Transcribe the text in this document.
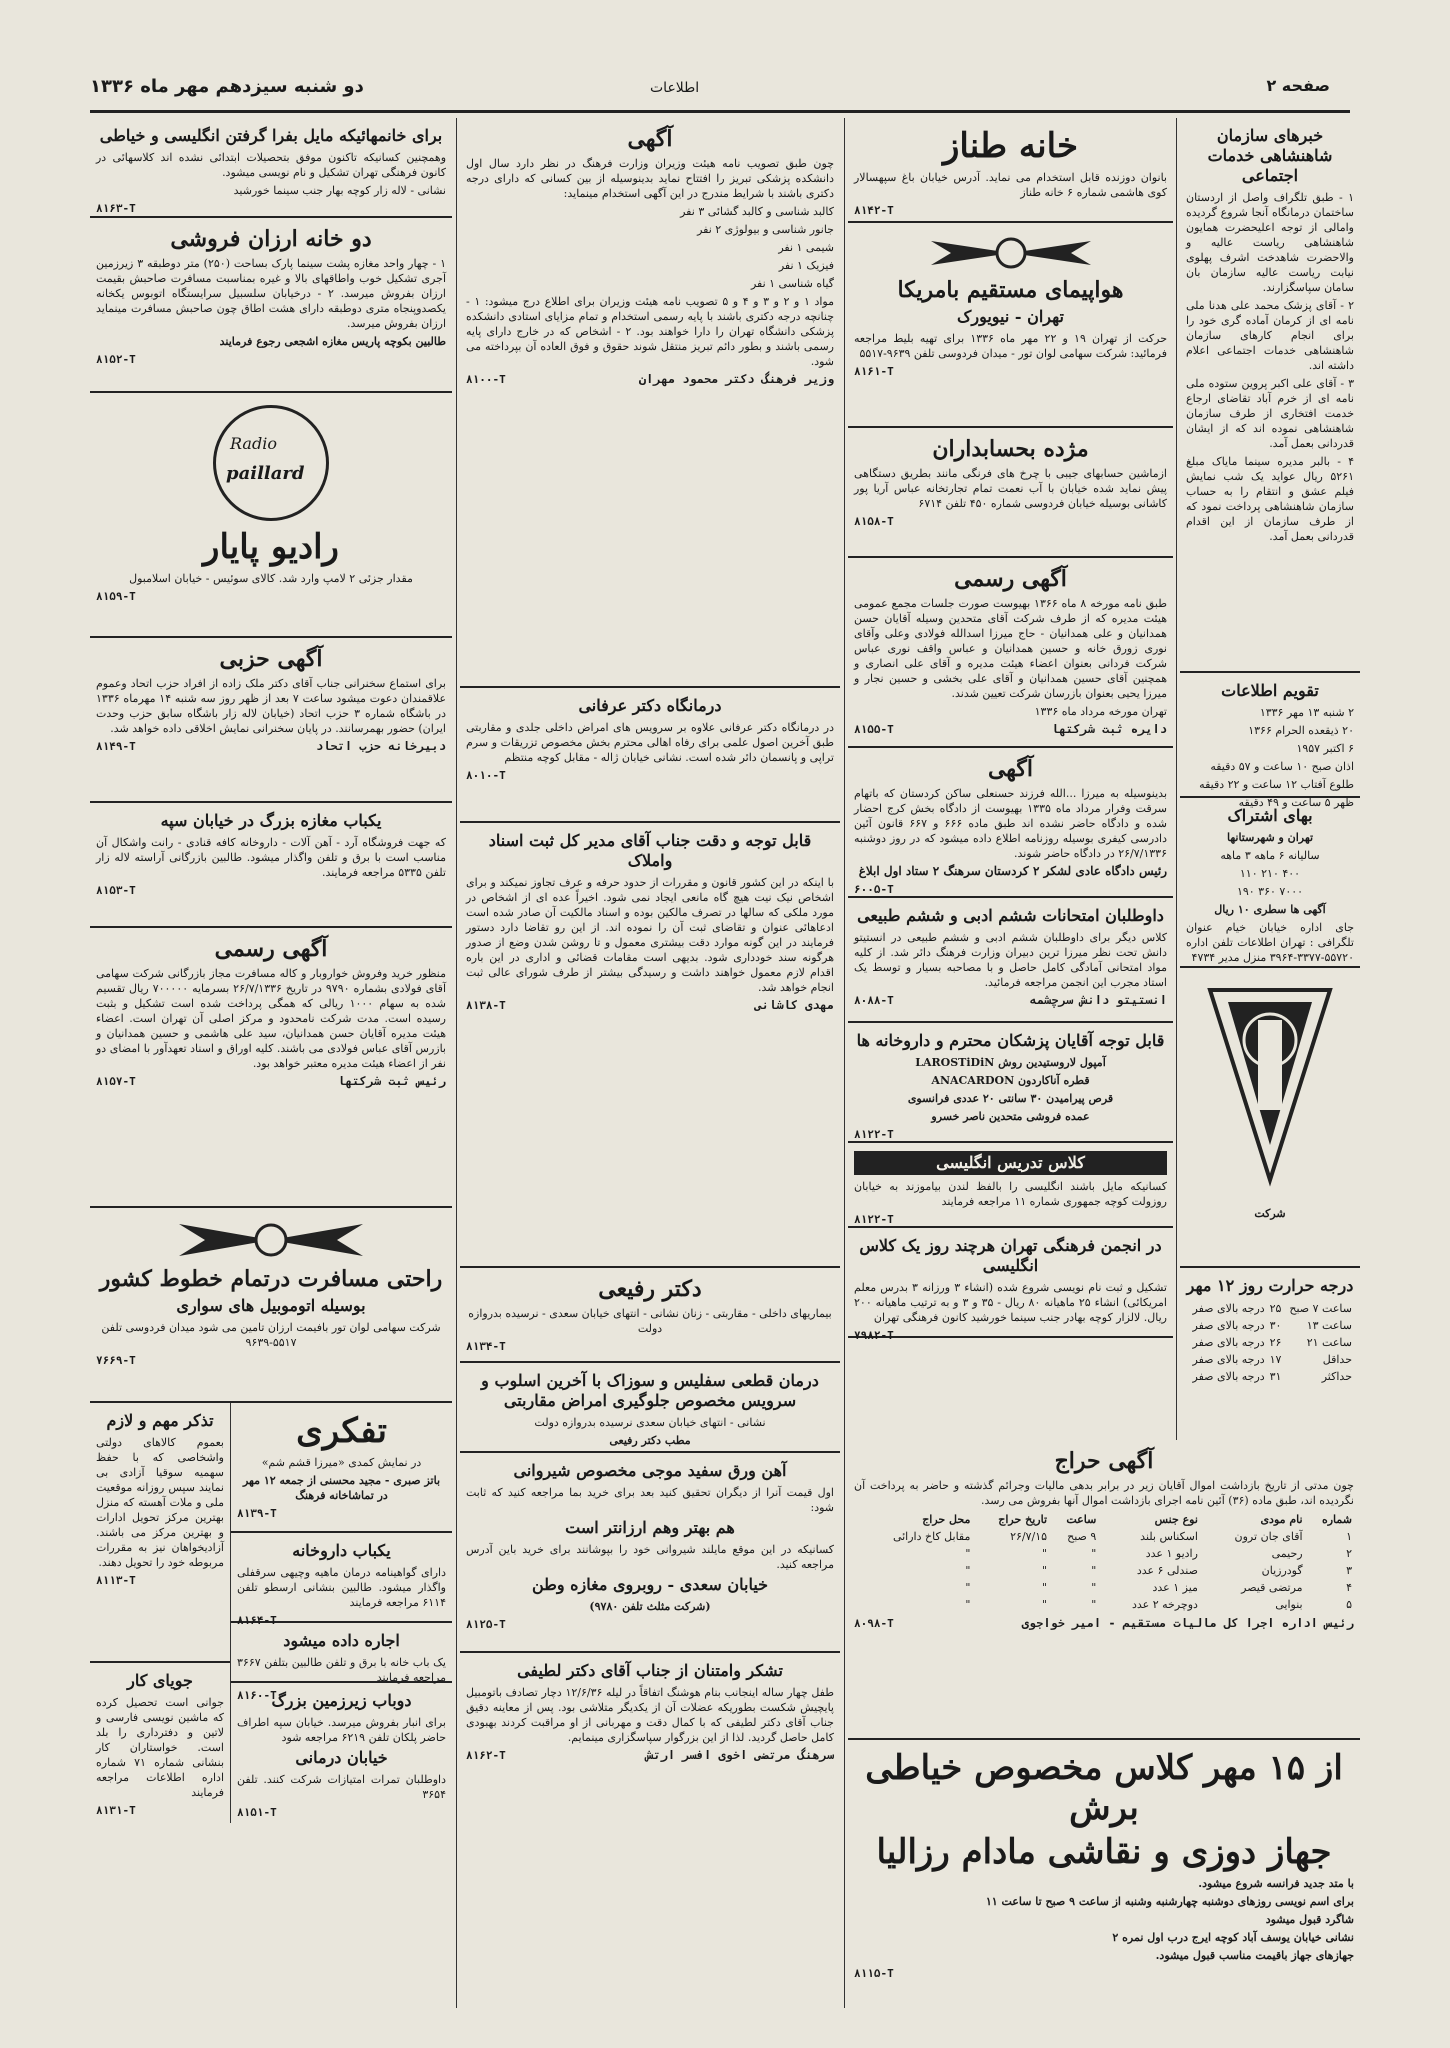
دو شنبه سیزدهم مهر ماه ۱۳۳۶	اطلاعات	صفحه ۲
خبرهای سازمان شاهنشاهی خدمات اجتماعی

۱ - طبق تلگراف واصل از اردستان ساختمان درمانگاه آنجا شروع گردیده وامالی از توجه اعلیحضرت همایون شاهنشاهی ریاست عالیه و والاحضرت شاهدخت اشرف پهلوی نیابت ریاست عالیه سازمان بان سامان سپاسگزارند.

۲ - آقای پزشک محمد علی هدنا ملی نامه ای از کرمان آماده گری خود را برای انجام کارهای سازمان شاهنشاهی خدمات اجتماعی اعلام داشته اند.

۳ - آقای علی اکبر پروین ستوده ملی نامه ای از خرم آباد تقاضای ارجاع خدمت افتخاری از طرف سازمان شاهنشاهی نموده اند که از ایشان قدردانی بعمل آمد.

۴ - بالبر مدیره سینما مایاک مبلغ ۵۲۶۱ ریال عواید یک شب نمایش فیلم عشق و انتقام را به حساب سازمان شاهنشاهی پرداخت نمود که از طرف سازمان از این اقدام قدردانی بعمل آمد.

تقویم اطلاعات

۲ شنبه ۱۳ مهر ۱۳۳۶

۲۰ ذیقعده الحرام ۱۳۶۶

۶ اکتبر ۱۹۵۷

اذان صبح ۱۰ ساعت و ۵۷ دقیقه

طلوع آفتاب ۱۲ ساعت و ۲۲ دقیقه

ظهر ۵ ساعت و ۴۹ دقیقه

بهای اشتراک

تهران و شهرستانها

سالیانه ۶ ماهه ۳ ماهه

۴۰۰ ۲۱۰ ۱۱۰

۷۰۰۰ ۳۶۰ ۱۹۰

آگهی ها سطری ۱۰ ریال

جای اداره خیابان خیام عنوان تلگرافی : تهران اطلاعات تلفن اداره ۵۵۷۲۰-۳۳۷۷-۳۹۶۴ منزل مدیر ۴۷۳۴

شرکت

درجه حرارت روز ۱۲ مهر
ساعت ۷ صبح	۲۵	درجه بالای صفر
ساعت ۱۳	۳۰	درجه بالای صفر
ساعت ۲۱	۲۶	درجه بالای صفر
حداقل	۱۷	درجه بالای صفر
حداکثر	۳۱	درجه بالای صفر
خانه طناز

بانوان دوزنده قابل استخدام می نماید. آدرس خیابان باغ سپهسالار کوی هاشمی شماره ۶ خانه طناز

۸۱۴۲-T
هواپیمای مستقیم بامریکا
تهران - نیویورک

حرکت از تهران ۱۹ و ۲۲ مهر ماه ۱۳۳۶ برای تهیه بلیط مراجعه فرمائید: شرکت سهامی لوان تور - میدان فردوسی تلفن ۹۶۳۹-۵۵۱۷

۸۱۶۱-T
مژده بحسابداران

ازماشین حسابهای جیبی با چرخ های فرنگی مانند بطريق دستگاهی پیش نماید شده خیابان با آب نعمت تمام تجارتخانه عباس آریا پور کاشانی بوسیله خیابان فردوسی شماره ۴۵۰ تلفن ۶۷۱۴

۸۱۵۸-T
آگهی رسمی

طبق نامه مورخه ۸ ماه ۱۳۶۶ بهیوست صورت جلسات مجمع عمومی هیئت مدیره که از طرف شرکت آقای متحدین وسیله آقایان حسن همدانیان و علی همدانیان - حاج میرزا اسدالله فولادی وعلی وآقای نوری زورق خانه و حسین همدانیان و عباس واقف نوری عباس شرکت فردانی بعنوان اعضاء هیئت مدیره و آقای علی انصاری و همچنین آقای حسین همدانیان و آقای علی بخشی و حسین نجار و میرزا یحیی بعنوان بازرسان شرکت تعیین شدند.

تهران مورخه مرداد ماه ۱۳۳۶

۸۱۵۵-T	دایره ثبت شرکتها
آگهی

بدینوسیله به میرزا ...الله فرزند حسنعلی ساکن کردستان که باتهام سرقت وفرار مرداد ماه ۱۳۳۵ بهیوست از دادگاه بخش کرج احضار شده و دادگاه حاضر نشده اند طبق ماده ۶۶۶ و ۶۶۷ قانون آئین دادرسی کیفری بوسیله روزنامه اطلاع داده میشود که در روز دوشنبه ۲۶/۷/۱۳۳۶ در دادگاه حاضر شوند.

رئیس دادگاه عادی لشکر ۲ کردستان سرهنگ ۲ ستاد اول ابلاغ

۶۰۰۵-T
داوطلبان امتحانات ششم ادبی و ششم طبیعی

کلاس دیگر برای داوطلبان ششم ادبی و ششم طبیعی در انستیتو دانش تحت نظر میرزا ترین دبیران وزارت فرهنگ دائر شد. از کلیه مواد امتحانی آمادگی کامل حاصل و با مصاحبه بسیار و توسط یک استاد مجرب این انجمن مراجعه فرمائید.

۸۰۸۸-T	انستیتو دانش سرچشمه
قابل توجه آقایان پزشکان محترم و داروخانه ها

آمپول لاروستیدین روش LAROSTiDiN

قطره آناکاردون ANACARDON

قرص پیرامیدن ۳۰ سانتی ۲۰ عددی فرانسوی

عمده فروشی متحدین ناصر خسرو

۸۱۲۲-T
کلاس تدریس انگلیسی

کسانیکه مایل باشند انگلیسی را بالفظ لندن بیاموزند به خیابان روزولت کوچه جمهوری شماره ۱۱ مراجعه فرمایند

۸۱۲۲-T
در انجمن فرهنگی تهران هرچند روز یک کلاس انگلیسی

تشکیل و ثبت نام نویسی شروع شده (انشاء ۳ ورزانه ۳ بدرس معلم امریکائی) انشاء ۲۵ ماهیانه ۸۰ ریال - ۳۵ و ۳ و به ترتیب ماهیانه ۲۰۰ ریال. لالزار کوچه بهادر جنب سینما خورشید کانون فرهنگی تهران

۷۹۸۲-T
آگهی

چون طبق تصویب نامه هیئت وزیران وزارت فرهنگ در نظر دارد سال اول دانشکده پزشکی تبریز را افتتاح نماید بدینوسیله از بین کسانی که دارای درجه دکتری باشند با شرایط مندرج در این آگهی استخدام مینماید:

کالبد شناسی و کالبد گشائی ۳ نفر

جانور شناسی و بیولوژی ۲ نفر

شیمی ۱ نفر

فیزیک ۱ نفر

گیاه شناسی ۱ نفر

مواد ۱ و ۲ و ۳ و ۴ و ۵ تصویب نامه هیئت وزیران برای اطلاع درج میشود: ۱ - چنانچه درجه دکتری باشند با پایه رسمی استخدام و تمام مزایای استادی دانشکده پزشکی دانشگاه تهران را دارا خواهند بود. ۲ - اشخاص که در خارج دارای پایه رسمی باشند و بطور دائم تبریز منتقل شوند حقوق و فوق العاده آن بپرداخته می شود.

۸۱۰۰-T	وزیر فرهنگ دکتر محمود مهران
درمانگاه دکتر عرفانی

در درمانگاه دکتر عرفانی علاوه بر سرویس های امراض داخلی جلدی و مقاربتی طبق آخرین اصول علمی برای رفاه اهالی محترم بخش مخصوص تزریقات و سرم تراپی و پانسمان دائر شده است. نشانی خیابان ژاله - مقابل کوچه منتظم

۸۰۱۰-T
قابل توجه و دقت جناب آقای مدیر کل ثبت اسناد واملاک

با اینکه در این کشور قانون و مقررات از حدود حرفه و عرف تجاوز نمیکند و برای اشخاص نیک نیت هیچ گاه مانعی ایجاد نمی شود. اخیراً عده ای از اشخاص در مورد ملکی که سالها در تصرف مالکین بوده و اسناد مالکیت آن صادر شده است ادعاهائی عنوان و تقاضای ثبت آن را نموده اند. از این رو تقاضا دارد دستور فرمایند در این گونه موارد دقت بیشتری معمول و تا روشن شدن وضع از صدور هرگونه سند خودداری شود. بدیهی است مقامات قضائی و اداری در این باره اقدام لازم معمول خواهند داشت و رسیدگی بیشتر از طرف شورای عالی ثبت انجام خواهد شد.

۸۱۳۸-T	مهدی کاشانی
دکتر رفیعی

بیماریهای داخلی - مقاربتی - زنان نشانی - انتهای خیابان سعدی - نرسیده بدروازه دولت

۸۱۳۴-T
درمان قطعی سفلیس و سوزاک با آخرین اسلوب و سرویس مخصوص جلوگیری امراض مقاربتی

نشانی - انتهای خیابان سعدی نرسیده بدروازه دولت

مطب دکتر رفیعی

آهن ورق سفید موجی مخصوص شیروانی

اول قیمت آنرا از دیگران تحقیق کنید بعد برای خرید بما مراجعه کنید که ثابت شود:

هم بهتر وهم ارزانتر است

کسانیکه در این موقع مایلند شیروانی خود را بپوشانند برای خرید باین آدرس مراجعه کنید.

خیابان سعدی - روبروی مغازه وطن

(شرکت مثلث تلفن ۹۷۸۰)

۸۱۲۵-T
تشکر وامتنان از جناب آقای دکتر لطیفی

طفل چهار ساله اینجانب بنام هوشنگ اتفاقاً در لیله ۱۲/۶/۳۶ دچار تصادف باتومبیل پایچیش شکست بطوریکه عضلات آن از یکدیگر متلاشی بود. پس از معاینه دقیق جناب آقای دکتر لطیفی که با کمال دقت و مهربانی از او مراقبت کردند بهبودی کامل حاصل گردید. لذا از این بزرگوار سپاسگزاری مینمایم.

۸۱۶۲-T	سرهنگ مرتضی اخوی افسر ارتش
برای خانمهائیکه مایل بفرا گرفتن انگلیسی و خیاطی

وهمچنین کسانیکه تاکنون موفق بتحصیلات ابتدائی نشده اند کلاسهائی در کانون فرهنگی تهران تشکیل و نام نویسی میشود.

نشانی - لاله زار کوچه بهار جنب سینما خورشید

۸۱۶۳-T
دو خانه ارزان فروشی

۱ - چهار واحد مغازه پشت سینما پارک بساحت (۲۵۰) متر دوطبقه ۳ زیرزمین آجری تشکیل خوب واطاقهای بالا و غیره بمناسبت مسافرت صاحبش بقیمت ارزان بفروش میرسد. ۲ - درخیابان سلسبیل سرایستگاه اتوبوس یکخانه یکصدوپنجاه متری دوطبقه دارای هشت اطاق چون صاحبش مسافرت مینماید ارزان بفروش میرسد.

طالبین بکوچه پاریس مغازه اشجعی رجوع فرمایند

۸۱۵۲-T
Radio
paillard
رادیو پایار

مقدار جزئی ۲ لامپ وارد شد. کالای سوئیس - خیابان اسلامبول

۸۱۵۹-T
آگهی حزبی

برای استماع سخنرانی جناب آقای دکتر ملک زاده از افراد حزب اتحاد وعموم علاقمندان دعوت میشود ساعت ۷ بعد از ظهر روز سه شنبه ۱۴ مهرماه ۱۳۳۶ در باشگاه شماره ۳ حزب اتحاد (خیابان لاله زار باشگاه سابق حزب وحدت ایران) حضور بهمرسانند. در پایان سخنرانی نمایش اخلاقی داده خواهد شد.

۸۱۴۹-T	دبیرخانه حزب اتحاد
یکباب مغازه بزرگ در خیابان سپه

که جهت فروشگاه آرد - آهن آلات - داروخانه کافه قنادی - رانت واشکال آن مناسب است با برق و تلفن واگذار میشود. طالبین بازرگانی آراسته لاله زار تلفن ۵۳۳۵ مراجعه فرمایند.

۸۱۵۳-T
آگهی رسمی

منظور خرید وفروش خواروبار و کاله مسافرت مجاز بازرگانی شرکت سهامی آقای فولادی بشماره ۹۷۹۰ در تاریخ ۲۶/۷/۱۳۳۶ بسرمایه ۷۰۰۰۰۰ ریال تقسیم شده به سهام ۱۰۰۰ ریالی که همگی پرداخت شده است تشکیل و بثبت رسیده است. مدت شرکت نامحدود و مرکز اصلی آن تهران است. اعضاء هیئت مدیره آقایان حسن همدانیان، سید علی هاشمی و حسین همدانیان و بازرس آقای عباس فولادی می باشند. کلیه اوراق و اسناد تعهدآور با امضای دو نفر از اعضاء هیئت مدیره معتبر خواهد بود.

۸۱۵۷-T	رئیس ثبت شرکتها
راحتی مسافرت درتمام خطوط کشور
بوسیله اتوموبیل های سواری

شرکت سهامی لوان تور بافیمت ارزان تامین می شود میدان فردوسی تلفن ۵۵۱۷-۹۶۳۹

۷۶۶۹-T
تذکر مهم و لازم

بعموم کالاهای دولتی واشخاصی که با حفظ سهمیه سوقیا آزادی بی نمایند سپس روزانه موقعیت ملی و ملات آهسته که منزل بهترین مرکز تحویل ادارات و بهترین مرکز می باشند. آزادیخواهان نیز به مقررات مربوطه خود را تحویل دهند.

۸۱۱۳-T
جویای کار

جوانی است تحصیل کرده که ماشین نویسی فارسی و لاتین و دفترداری را بلد است. خواستاران کار بنشانی شماره ۷۱ شماره اداره اطلاعات مراجعه فرمایند

۸۱۳۱-T
تفکری

در نمایش کمدی «میرزا قشم شم»

باتز صبری - مجید محسنی از جمعه ۱۲ مهر در تماشاخانه فرهنگ

۸۱۳۹-T
یکباب داروخانه

دارای گواهینامه درمان ماهیه وچیهی سرقفلی واگذار میشود. طالبین بنشانی ارسطو تلفن ۶۱۱۴ مراجعه فرمایند

۸۱۶۴-T
اجاره داده میشود

یک باب خانه با برق و تلفن طالبین بتلفن ۳۶۶۷ مراجعه فرمایند

۸۱۶۰-T
دوباب زیرزمین بزرگ

برای انبار بفروش میرسد. خیابان سپه اطراف حاضر پلکان تلفن ۶۲۱۹ مراجعه شود

خیابان درمانی

داوطلبان تمرات امتیازات شرکت کنند. تلفن ۳۶۵۴

۸۱۵۱-T
آگهی حراج

چون مدتی از تاریخ بازداشت اموال آقایان زیر در برابر بدهی مالیات وجرائم گذشته و حاضر به پرداخت آن نگردیده اند، طبق ماده (۳۶) آئین نامه اجرای بازداشت اموال آنها بفروش می رسد.

شماره	نام مودی	نوع جنس	ساعت	تاریخ حراج	محل حراج
۱	آقای جان ترون	اسکناس بلند	۹ صبح	۲۶/۷/۱۵	مقابل کاخ دارائی
۲	رحیمی	رادیو ۱ عدد	"	"	"
۳	گودرزیان	صندلی ۶ عدد	"	"	"
۴	مرتضی قیصر	میز ۱ عدد	"	"	"
۵	بنوایی	دوچرخه ۲ عدد	"	"	"
۸۰۹۸-T	رئیس اداره اجرا کل مالیات مستقیم - امیر خواجوی
از ۱۵ مهر کلاس مخصوص خیاطی برش
جهاز دوزی و نقاشی مادام رزالیا

با متد جدید فرانسه شروع میشود.

برای اسم نویسی روزهای دوشنبه چهارشنبه وشنبه از ساعت ۹ صبح تا ساعت ۱۱

شاگرد قبول میشود

نشانی خیابان یوسف آباد کوچه ایرج درب اول نمره ۲

جهازهای جهاز باقیمت مناسب قبول میشود.

۸۱۱۵-T
